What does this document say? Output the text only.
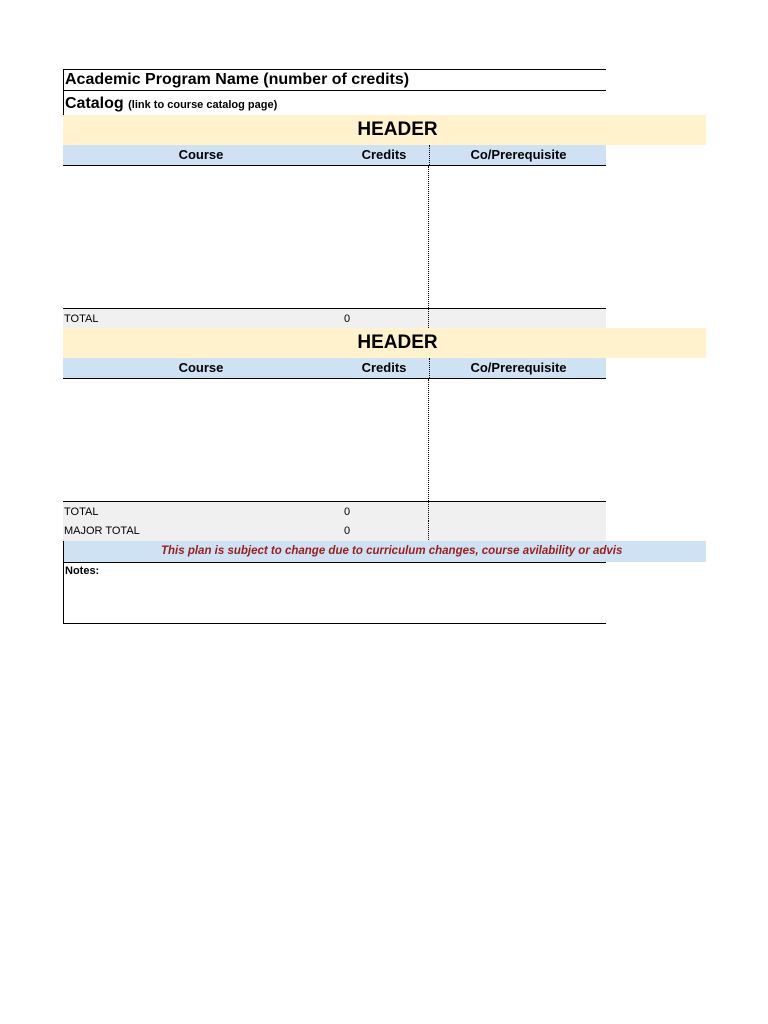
Academic Program Name (number of credits)
Catalog (link to course catalog page)
HEADER
Course	Credits	Co/Prerequisite
TOTAL	0
HEADER
Course	Credits	Co/Prerequisite
TOTAL	0
MAJOR TOTAL	0
This plan is subject to change due to curriculum changes, course avilability or advis
Notes:
